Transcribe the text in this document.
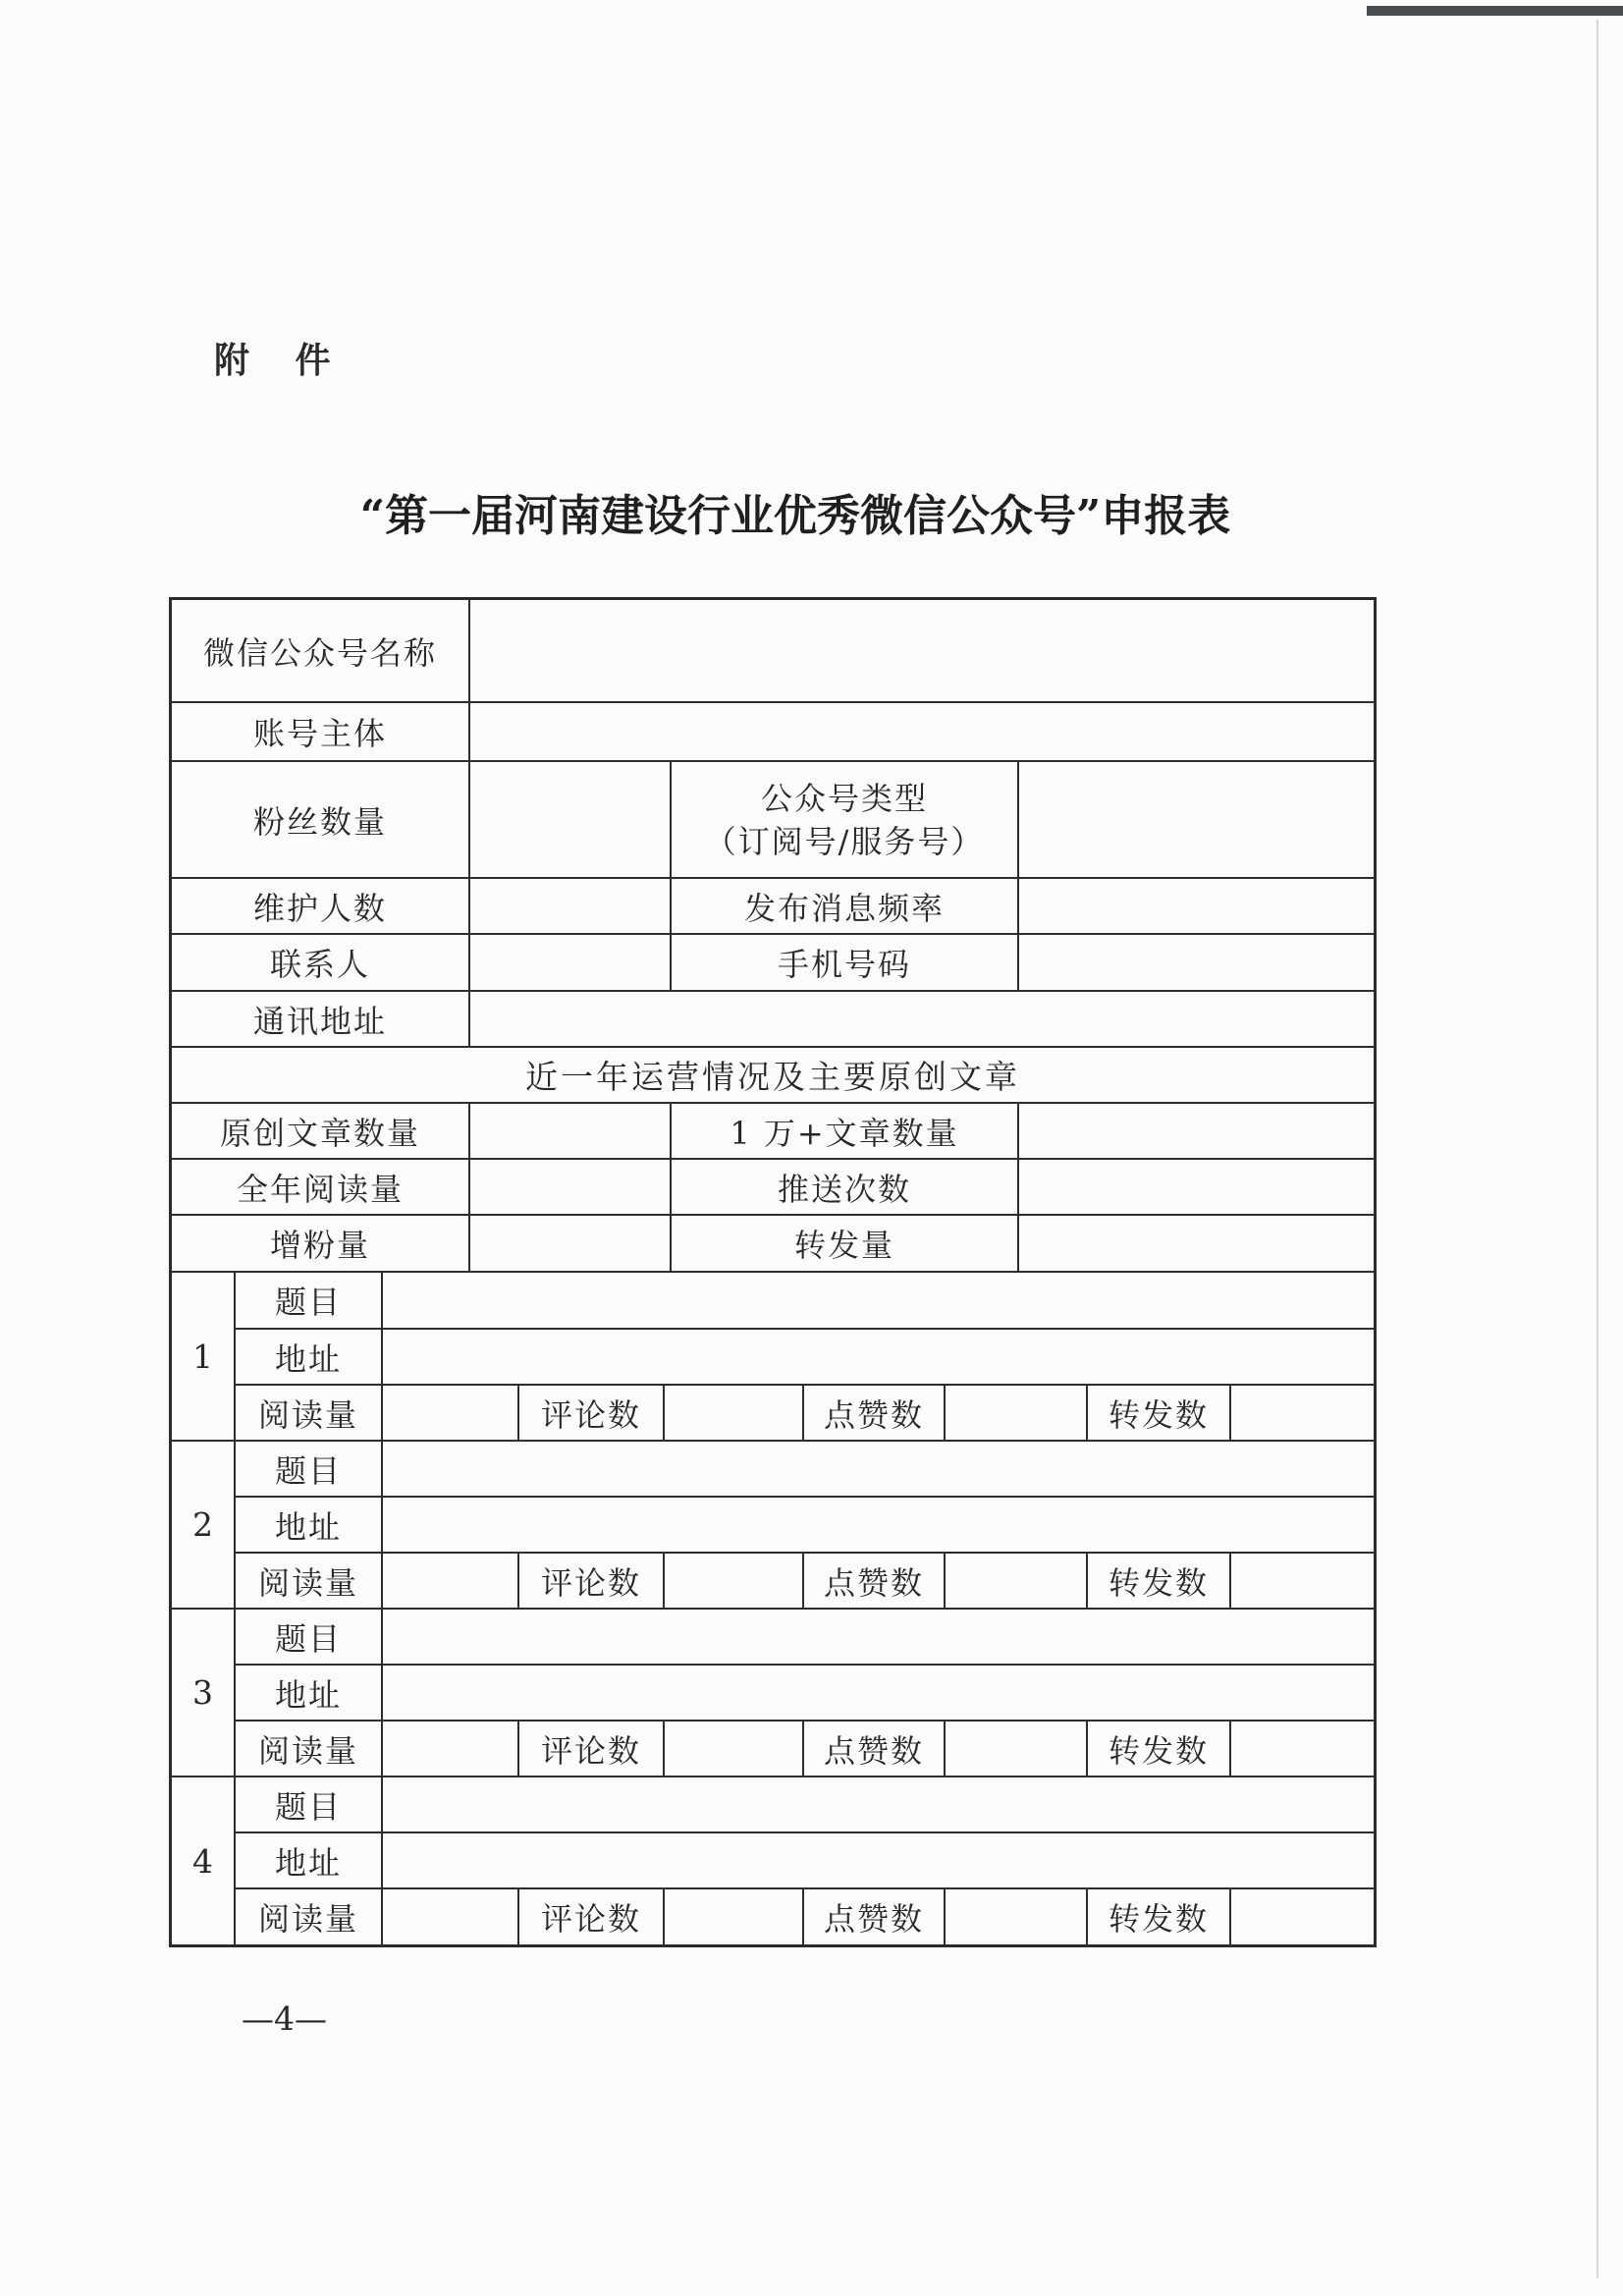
附 件
“第一届河南建设行业优秀微信公众号”申报表
微信公众号名称			
账号主体			
粉丝数量		公众号类型
（订阅号/服务号）	

维护人数		发布消息频率	
联系人		手机号码	
通讯地址			
近一年运营情况及主要原创文章			
原创文章数量		1 万+文章数量	
全年阅读量		推送次数	
增粉量		转发量	
1	题目							
	地址							
	阅读量		评论数		点赞数		转发数	
2	题目							
	地址							
	阅读量		评论数		点赞数		转发数	
3	题目							
	地址							
	阅读量		评论数		点赞数		转发数	
4	题目							
	地址							
	阅读量		评论数		点赞数		转发数	
—4—
